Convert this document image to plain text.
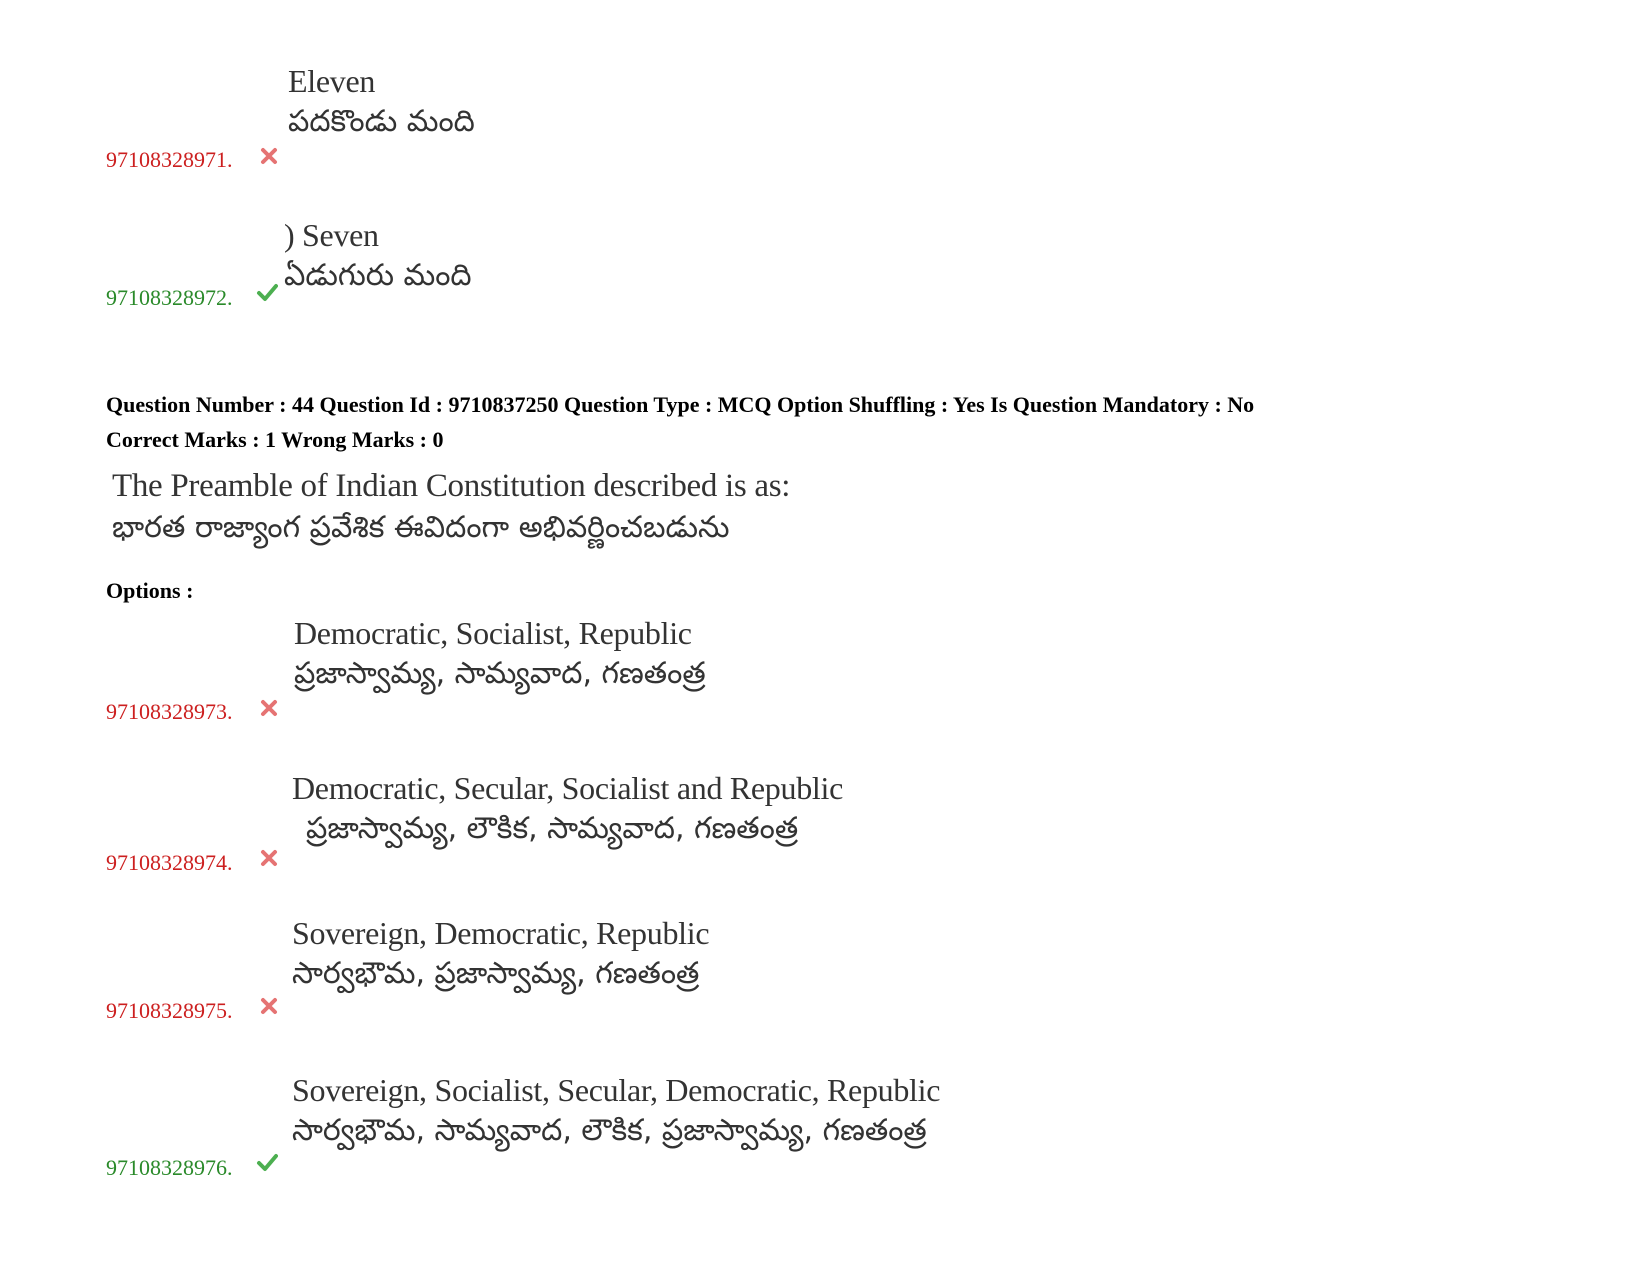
Eleven
పదకొండు మంది
97108328971.
) Seven
ఏడుగురు మంది
97108328972.
Question Number : 44 Question Id : 9710837250 Question Type : MCQ Option Shuffling : Yes Is Question Mandatory : No
Correct Marks : 1 Wrong Marks : 0
The Preamble of Indian Constitution described is as:
భారత రాజ్యాంగ ప్రవేశిక ఈవిదంగా అభివర్ణించబడును
Options :
Democratic, Socialist, Republic
ప్రజాస్వామ్య, సామ్యవాద, గణతంత్ర
97108328973.
Democratic, Secular, Socialist and Republic
ప్రజాస్వామ్య, లౌకిక, సామ్యవాద, గణతంత్ర
97108328974.
Sovereign, Democratic, Republic
సార్వభౌమ, ప్రజాస్వామ్య, గణతంత్ర
97108328975.
Sovereign, Socialist, Secular, Democratic, Republic
సార్వభౌమ, సామ్యవాద, లౌకిక, ప్రజాస్వామ్య, గణతంత్ర
97108328976.
